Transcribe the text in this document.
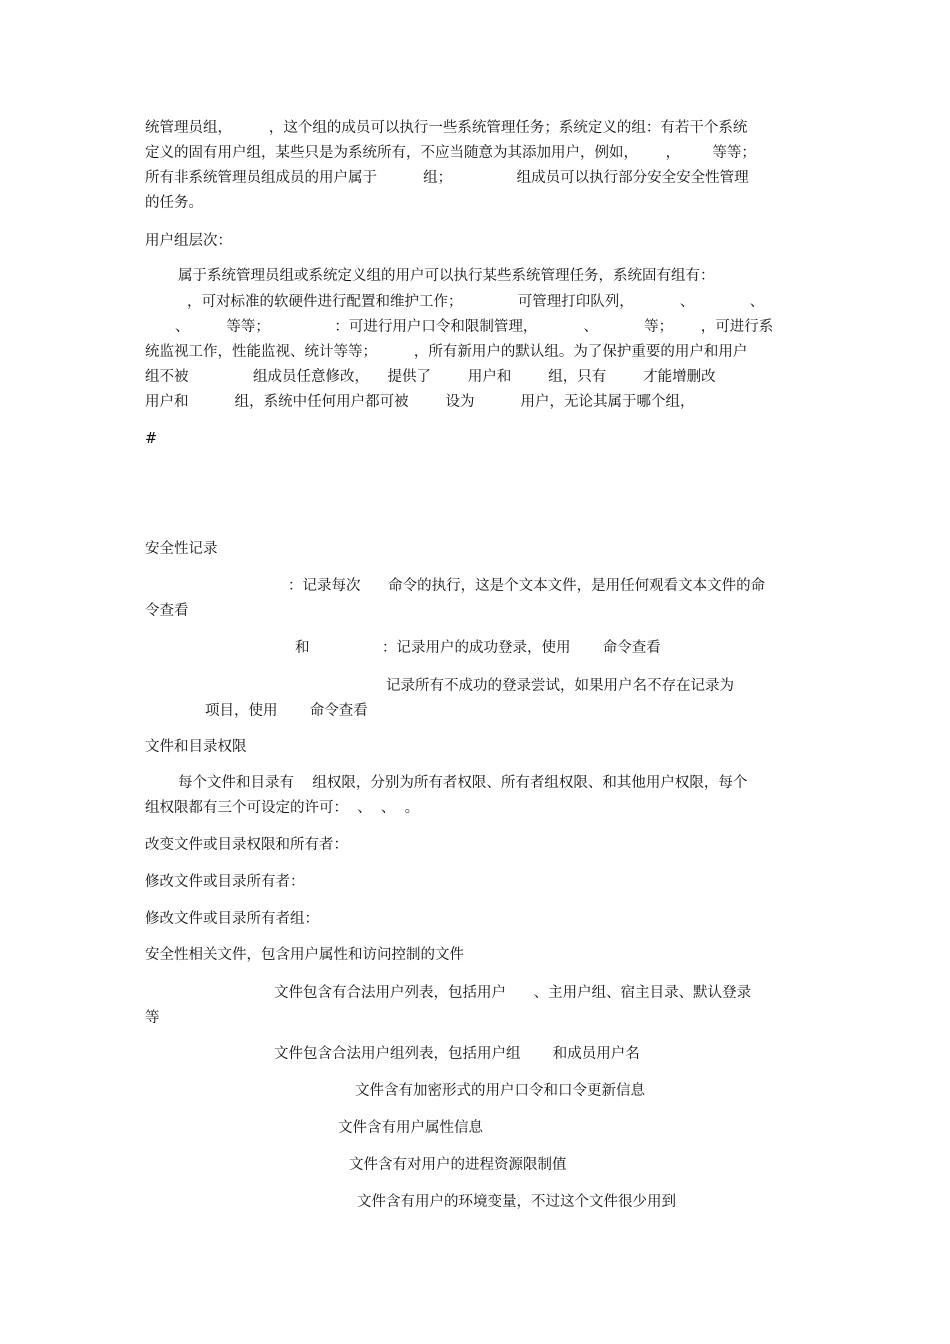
统管理员组，        ，这个组的成员可以执行一些系统管理任务；系统定义的组：有若干个系统

定义的固有用户组，某些只是为系统所有，不应当随意为其添加用户，例如，      ，       等等；

所有非系统管理员组成员的用户属于          组；              组成员可以执行部分安全安全性管理

的任务。

用户组层次：

属于系统管理员组或系统定义组的用户可以执行某些系统管理任务，系统固有组有：

，可对标准的软硬件进行配置和维护工作；            可管理打印队列，          、            、

、        等等；              ：可进行用户口令和限制管理，          、          等；      ，可进行系

统监视工作，性能监视、统计等等；        ，所有新用户的默认组。为了保护重要的用户和用户

组不被              组成员任意修改，    提供了        用户和        组，只有        才能增删改

用户和          组，系统中任何用户都可被        设为          用户，无论其属于哪个组，

#

安全性记录

：记录每次      命令的执行，这是个文本文件，是用任何观看文本文件的命

令查看

和	：记录用户的成功登录，使用       命令查看

记录所有不成功的登录尝试，如果用户名不存在记录为

项目，使用       命令查看

文件和目录权限

每个文件和目录有    组权限，分别为所有者权限、所有者组权限、和其他用户权限，每个

组权限都有三个可设定的许可：  、  、  。

改变文件或目录权限和所有者：

修改文件或目录所有者：

修改文件或目录所有者组：

安全性相关文件，包含用户属性和访问控制的文件

文件包含有合法用户列表，包括用户      、主用户组、宿主目录、默认登录

等

文件包含合法用户组列表，包括用户组       和成员用户名

文件含有加密形式的用户口令和口令更新信息

文件含有用户属性信息

文件含有对用户的进程资源限制值

文件含有用户的环境变量，不过这个文件很少用到
